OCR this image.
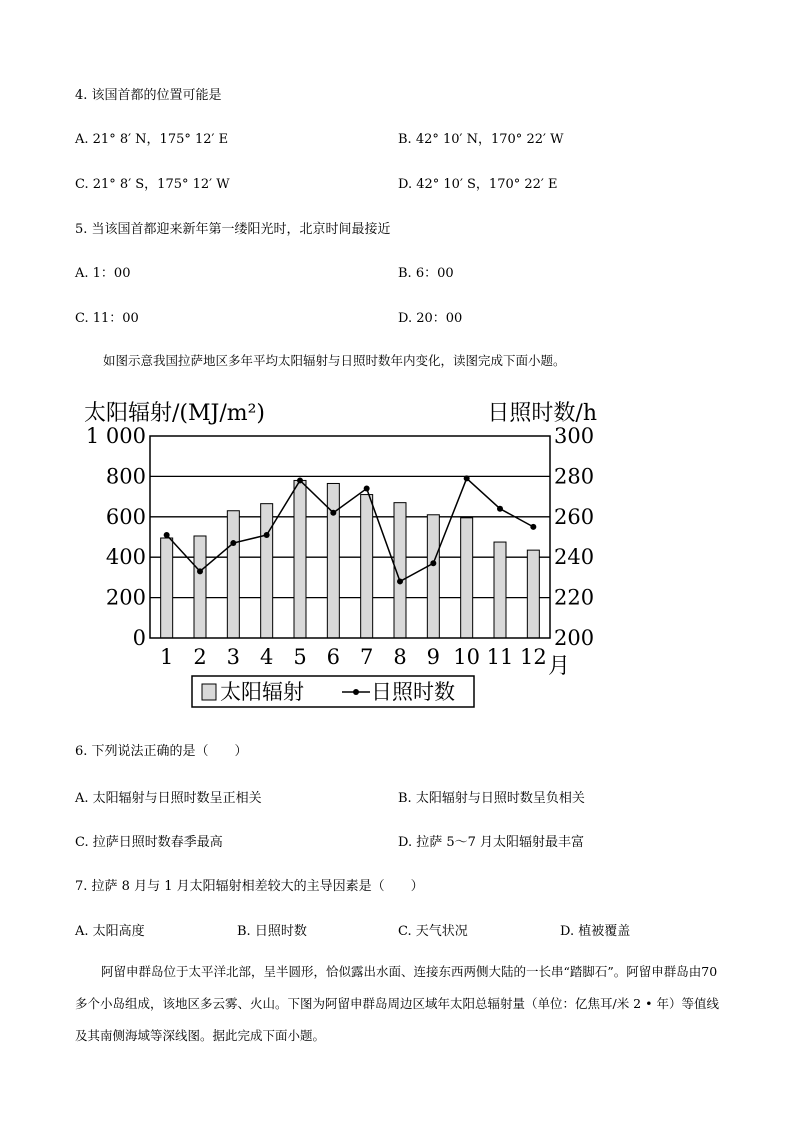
4. 该国首都的位置可能是
A. 21° 8′ N，175° 12′ E	B. 42° 10′ N，170° 22′ W
C. 21° 8′ S，175° 12′ W	D. 42° 10′ S，170° 22′ E
5. 当该国首都迎来新年第一缕阳光时，北京时间最接近
A. 1：00	B. 6：00
C. 11：00	D. 20：00
如图示意我国拉萨地区多年平均太阳辐射与日照时数年内变化，读图完成下面小题。
0
200
400
600
800
1 000
200
220
240
260
280
300
1 2 3 4 5 6 7 8 9 10 11 12
太阳辐射/(MJ/m²)	日照时数/h
月
太阳辐射	日照时数
6. 下列说法正确的是（　　）
A. 太阳辐射与日照时数呈正相关	B. 太阳辐射与日照时数呈负相关
C. 拉萨日照时数春季最高	D. 拉萨 5～7 月太阳辐射最丰富
7. 拉萨 8 月与 1 月太阳辐射相差较大的主导因素是（　　）
A. 太阳高度	B. 日照时数	C. 天气状况	D. 植被覆盖
阿留申群岛位于太平洋北部，呈半圆形，恰似露出水面、连接东西两侧大陆的一长串“踏脚石”。阿留申群岛由70多个小岛组成，该地区多云雾、火山。下图为阿留申群岛周边区域年太阳总辐射量（单位：亿焦耳/米 2 • 年）等值线及其南侧海域等深线图。据此完成下面小题。
